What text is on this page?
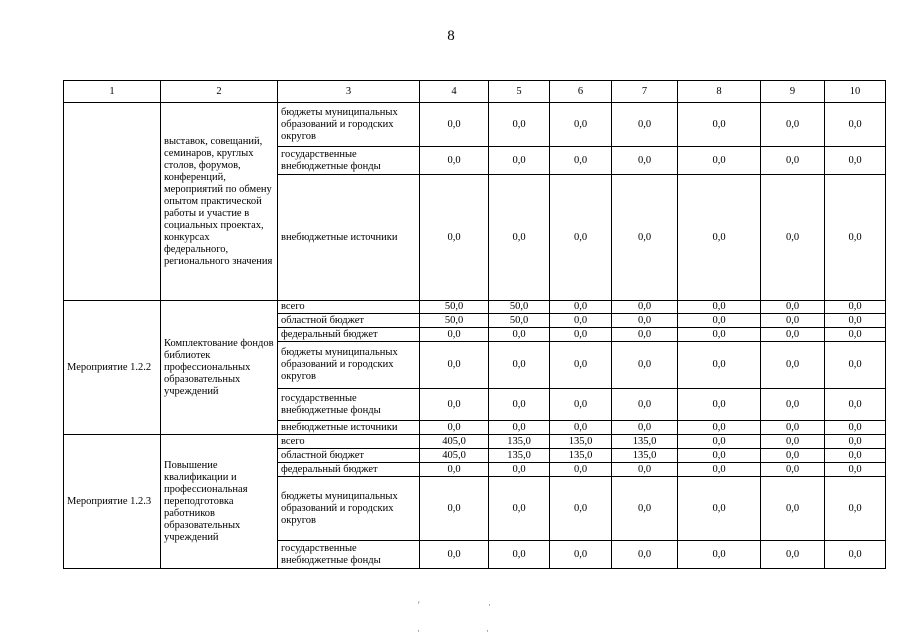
8
1	2	3	4	5	6	7	8	9	10
	выставок, совещаний, семинаров, круглых столов, форумов, конференций, мероприятий по обмену опытом практической работы и участие в социальных проектах, конкурсах федерального, регионального значения	бюджеты муниципальных образований и городских округов	0,0	0,0	0,0	0,0	0,0	0,0	0,0
		государственные внебюджетные фонды	0,0	0,0	0,0	0,0	0,0	0,0	0,0
		внебюджетные источники	0,0	0,0	0,0	0,0	0,0	0,0	0,0
Мероприятие 1.2.2	Комплектование фондов библиотек профессиональных образовательных учреждений	всего	50,0	50,0	0,0	0,0	0,0	0,0	0,0
		областной бюджет	50,0	50,0	0,0	0,0	0,0	0,0	0,0
		федеральный бюджет	0,0	0,0	0,0	0,0	0,0	0,0	0,0
		бюджеты муниципальных образований и городских округов	0,0	0,0	0,0	0,0	0,0	0,0	0,0
		государственные внебюджетные фонды	0,0	0,0	0,0	0,0	0,0	0,0	0,0
		внебюджетные источники	0,0	0,0	0,0	0,0	0,0	0,0	0,0
Мероприятие 1.2.3	Повышение квалификации и профессиональная переподготовка работников образовательных учреждений	всего	405,0	135,0	135,0	135,0	0,0	0,0	0,0
		областной бюджет	405,0	135,0	135,0	135,0	0,0	0,0	0,0
		федеральный бюджет	0,0	0,0	0,0	0,0	0,0	0,0	0,0
		бюджеты муниципальных образований и городских округов	0,0	0,0	0,0	0,0	0,0	0,0	0,0
		государственные внебюджетные фонды	0,0	0,0	0,0	0,0	0,0	0,0	0,0
'	·
·	·
